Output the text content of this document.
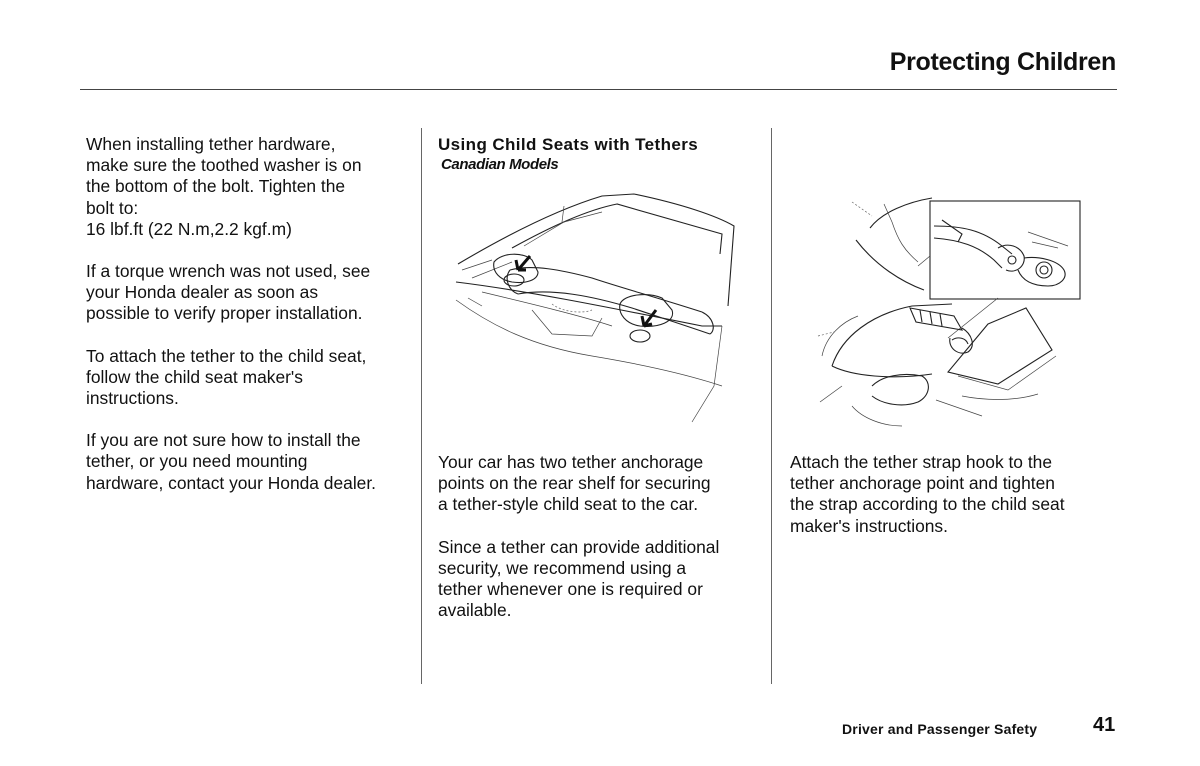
Protecting Children

When installing tether hardware,
make sure the toothed washer is on
the bottom of the bolt. Tighten the
bolt to:
16 lbf.ft (22 N.m,2.2 kgf.m)

If a torque wrench was not used, see
your Honda dealer as soon as
possible to verify proper installation.

To attach the tether to the child seat,
follow the child seat maker's
instructions.

If you are not sure how to install the
tether, or you need mounting
hardware, contact your Honda dealer.

Using Child Seats with Tethers

Canadian Models

Your car has two tether anchorage
points on the rear shelf for securing
a tether-style child seat to the car.

Since a tether can provide additional
security, we recommend using a
tether whenever one is required or
available.

Attach the tether strap hook to the
tether anchorage point and tighten
the strap according to the child seat
maker's instructions.

Driver and Passenger Safety	41
